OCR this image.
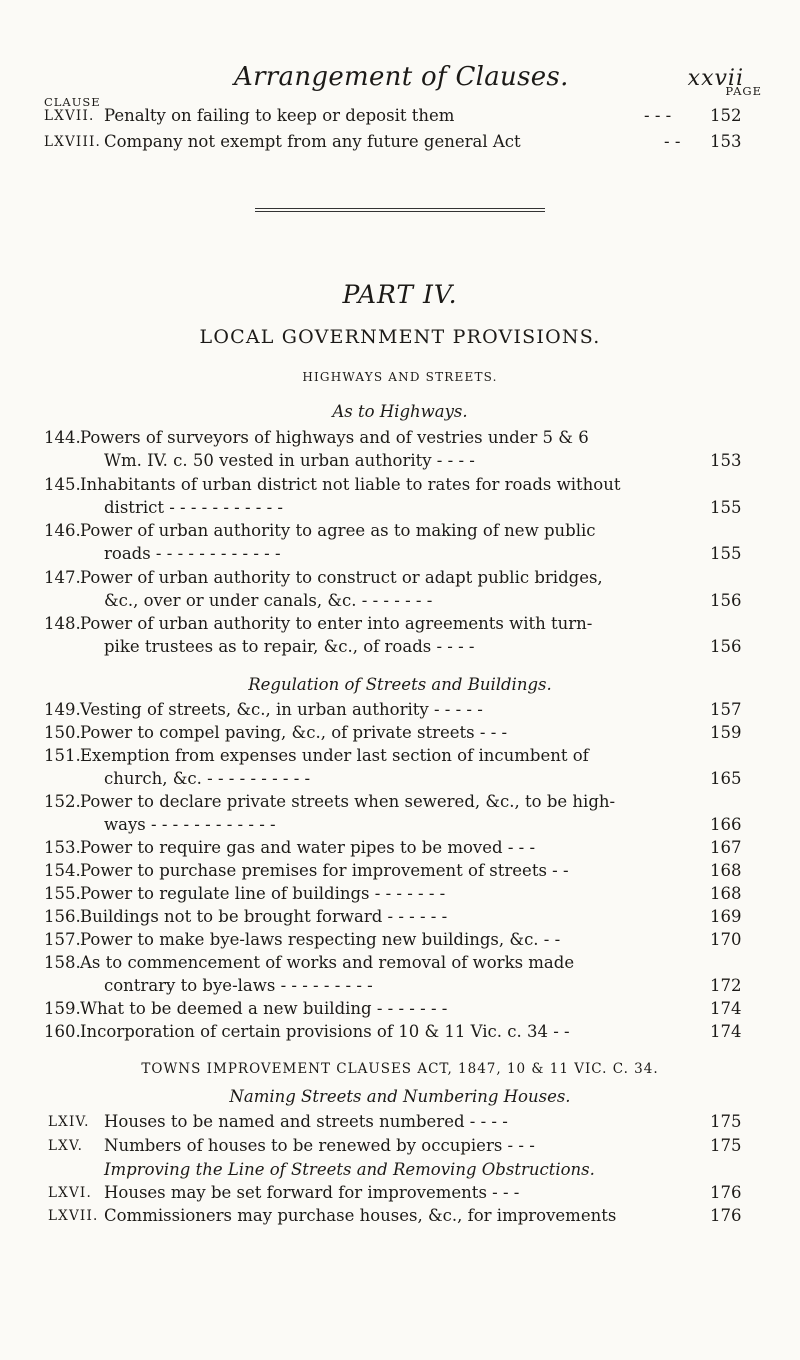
Arrangement of Clauses.	xxvii
CLAUSE
PAGE
LXVII. Penalty on failing to keep or deposit them	- - - 152
LXVIII. Company not exempt from any future general Act	- - 153
PART IV.
LOCAL GOVERNMENT PROVISIONS.
HIGHWAYS AND STREETS.
As to Highways.
144. Powers of surveyors of highways and of vestries under 5 & 6
Wm. IV. c. 50 vested in urban authority - - - -	153
145. Inhabitants of urban district not liable to rates for roads without
district - - - - - - - - - - -	155
146. Power of urban authority to agree as to making of new public
roads - - - - - - - - - - - -	155
147. Power of urban authority to construct or adapt public bridges,
&c., over or under canals, &c. - - - - - - -	156
148. Power of urban authority to enter into agreements with turn-
pike trustees as to repair, &c., of roads - - - -	156
Regulation of Streets and Buildings.
149. Vesting of streets, &c., in urban authority - - - - -	157
150. Power to compel paving, &c., of private streets - - -	159
151. Exemption from expenses under last section of incumbent of
church, &c. - - - - - - - - - -	165
152. Power to declare private streets when sewered, &c., to be high-
ways - - - - - - - - - - - -	166
153. Power to require gas and water pipes to be moved - - -	167
154. Power to purchase premises for improvement of streets - -	168
155. Power to regulate line of buildings - - - - - - -	168
156. Buildings not to be brought forward - - - - - -	169
157. Power to make bye-laws respecting new buildings, &c. - -	170
158. As to commencement of works and removal of works made
contrary to bye-laws - - - - - - - - -	172
159. What to be deemed a new building - - - - - - -	174
160. Incorporation of certain provisions of 10 & 11 Vic. c. 34 - -	174
TOWNS IMPROVEMENT CLAUSES ACT, 1847, 10 & 11 VIC. C. 34.
Naming Streets and Numbering Houses.
LXIV. Houses to be named and streets numbered - - - -	175
LXV. Numbers of houses to be renewed by occupiers - - -	175
Improving the Line of Streets and Removing Obstructions.
LXVI. Houses may be set forward for improvements - - -	176
LXVII. Commissioners may purchase houses, &c., for improvements	176
